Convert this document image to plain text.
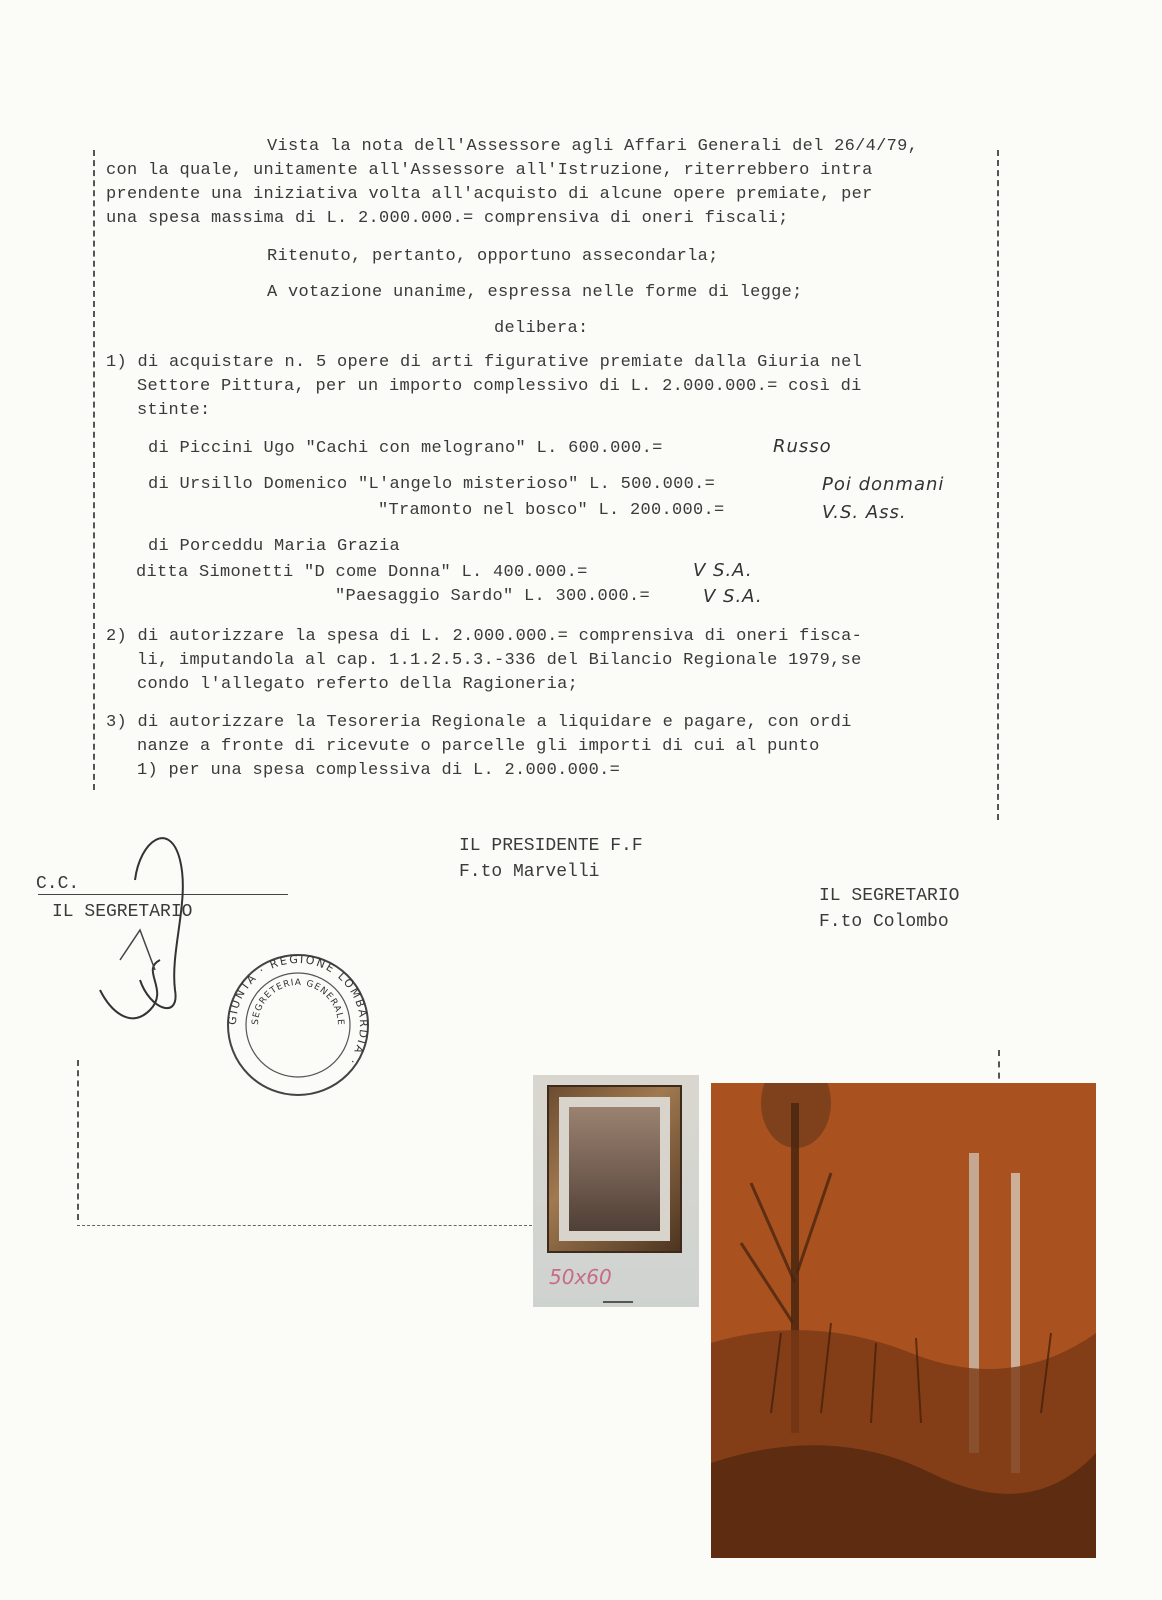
Vista la nota dell'Assessore agli Affari Generali del 26/4/79,
con la quale, unitamente all'Assessore all'Istruzione, riterrebbero intra
prendente una iniziativa volta all'acquisto di alcune opere premiate, per
una spesa massima di L. 2.000.000.= comprensiva di oneri fiscali;
Ritenuto, pertanto, opportuno assecondarla;
A votazione unanime, espressa nelle forme di legge;
delibera:
1) di acquistare n. 5 opere di arti figurative premiate dalla Giuria nel
Settore Pittura, per un importo complessivo di L. 2.000.000.= così di
stinte:
di Piccini Ugo "Cachi con melograno" L. 600.000.=	Russo
di Ursillo Domenico "L'angelo misterioso" L. 500.000.=	Poi donmani
"Tramonto nel bosco" L. 200.000.=	V.S. Ass.
di Porceddu Maria Grazia
ditta Simonetti "D come Donna" L. 400.000.=	V S.A.
"Paesaggio Sardo" L. 300.000.=	V S.A.
2) di autorizzare la spesa di L. 2.000.000.= comprensiva di oneri fisca-
li, imputandola al cap. 1.1.2.5.3.-336 del Bilancio Regionale 1979,se
condo l'allegato referto della Ragioneria;
3) di autorizzare la Tesoreria Regionale a liquidare e pagare, con ordi
nanze a fronte di ricevute o parcelle gli importi di cui al punto
1) per una spesa complessiva di L. 2.000.000.=
IL PRESIDENTE F.F
F.to Marvelli
IL SEGRETARIO
F.to Colombo
C.C.
IL SEGRETARIO
GIUNTA · REGIONE LOMBARDIA ·
SEGRETERIA GENERALE
50x60
